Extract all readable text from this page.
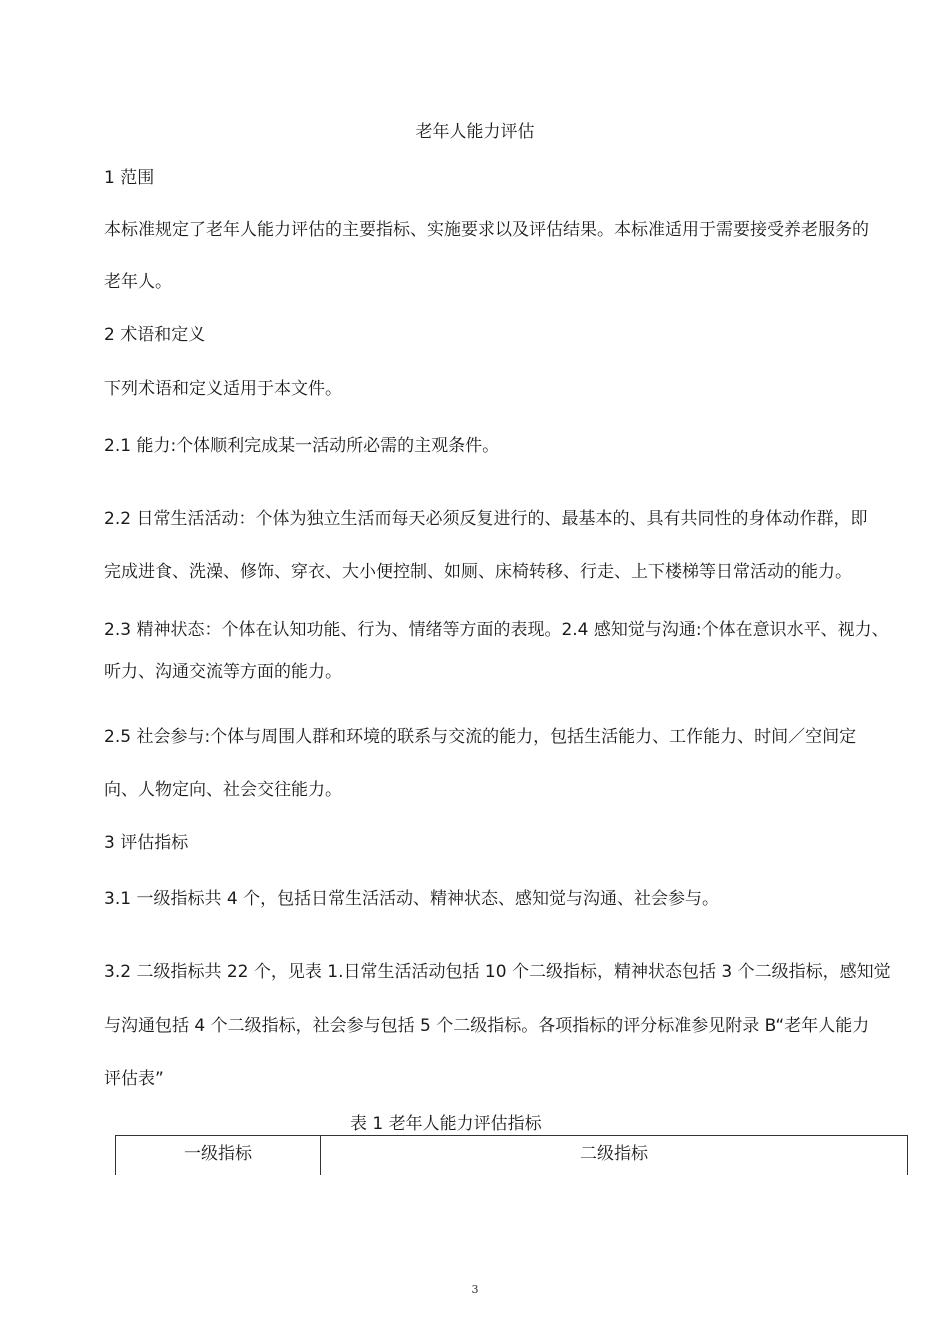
老年人能力评估
1 范围
本标准规定了老年人能力评估的主要指标、实施要求以及评估结果。本标准适用于需要接受养老服务的
老年人。
2 术语和定义
下列术语和定义适用于本文件。
2.1 能力:个体顺利完成某一活动所必需的主观条件。
2.2 日常生活活动：个体为独立生活而每天必须反复进行的、最基本的、具有共同性的身体动作群，即
完成进食、洗澡、修饰、穿衣、大小便控制、如厕、床椅转移、行走、上下楼梯等日常活动的能力。
2.3 精神状态：个体在认知功能、行为、情绪等方面的表现。2.4 感知觉与沟通:个体在意识水平、视力、
听力、沟通交流等方面的能力。
2.5 社会参与:个体与周围人群和环境的联系与交流的能力，包括生活能力、工作能力、时间／空间定
向、人物定向、社会交往能力。
3 评估指标
3.1 一级指标共 4 个，包括日常生活活动、精神状态、感知觉与沟通、社会参与。
3.2 二级指标共 22 个，见表 1.日常生活活动包括 10 个二级指标，精神状态包括 3 个二级指标，感知觉
与沟通包括 4 个二级指标，社会参与包括 5 个二级指标。各项指标的评分标准参见附录 B“老年人能力
评估表”
表 1 老年人能力评估指标
一级指标	二级指标
3
